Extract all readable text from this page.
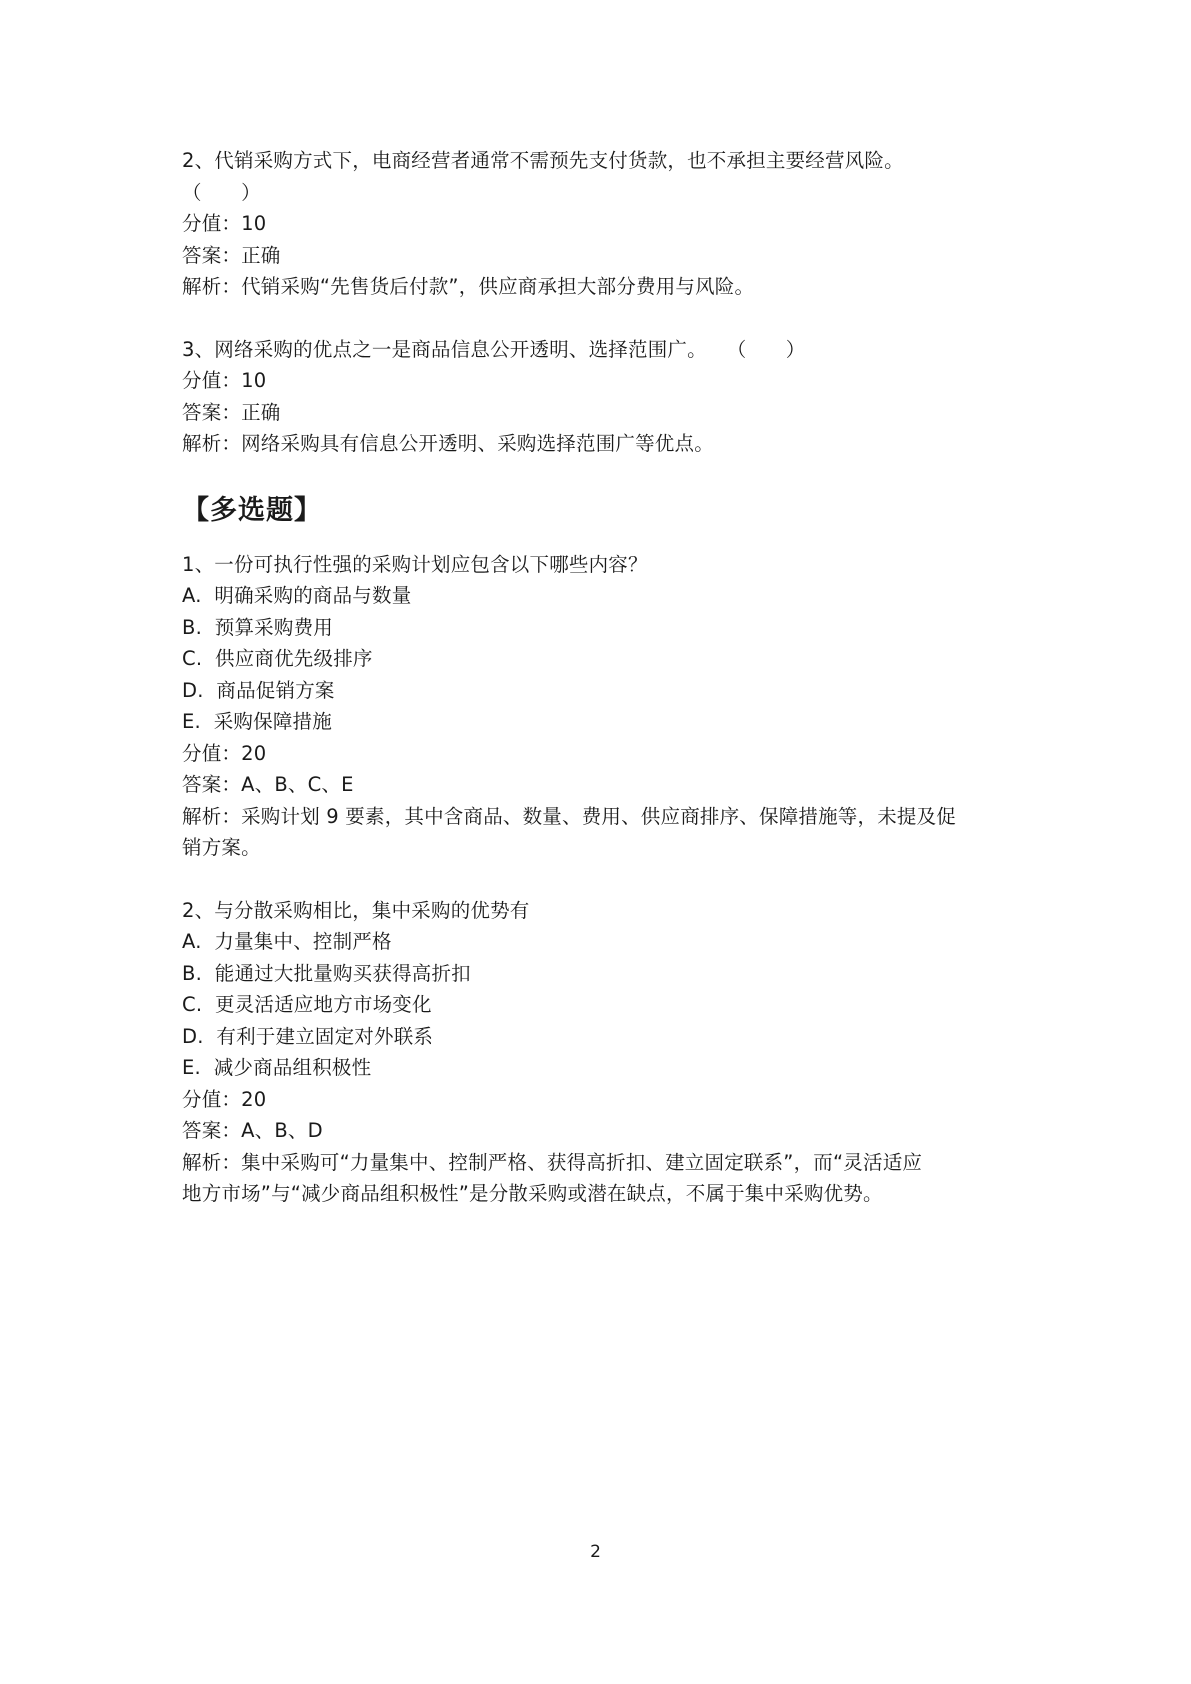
2、代销采购方式下，电商经营者通常不需预先支付货款，也不承担主要经营风险。
（　　）
分值：10
答案：正确
解析：代销采购“先售货后付款”，供应商承担大部分费用与风险。
3、网络采购的优点之一是商品信息公开透明、选择范围广。　　（　　）
分值：10
答案：正确
解析：网络采购具有信息公开透明、采购选择范围广等优点。
【多选题】
1、一份可执行性强的采购计划应包含以下哪些内容？
A.  明确采购的商品与数量
B.  预算采购费用
C.  供应商优先级排序
D.  商品促销方案
E.  采购保障措施
分值：20
答案：A、B、C、E
解析：采购计划 9 要素，其中含商品、数量、费用、供应商排序、保障措施等，未提及促
销方案。
2、与分散采购相比，集中采购的优势有
A.  力量集中、控制严格
B.  能通过大批量购买获得高折扣
C.  更灵活适应地方市场变化
D.  有利于建立固定对外联系
E.  减少商品组积极性
分值：20
答案：A、B、D
解析：集中采购可“力量集中、控制严格、获得高折扣、建立固定联系”，而“灵活适应
地方市场”与“减少商品组积极性”是分散采购或潜在缺点，不属于集中采购优势。
2
